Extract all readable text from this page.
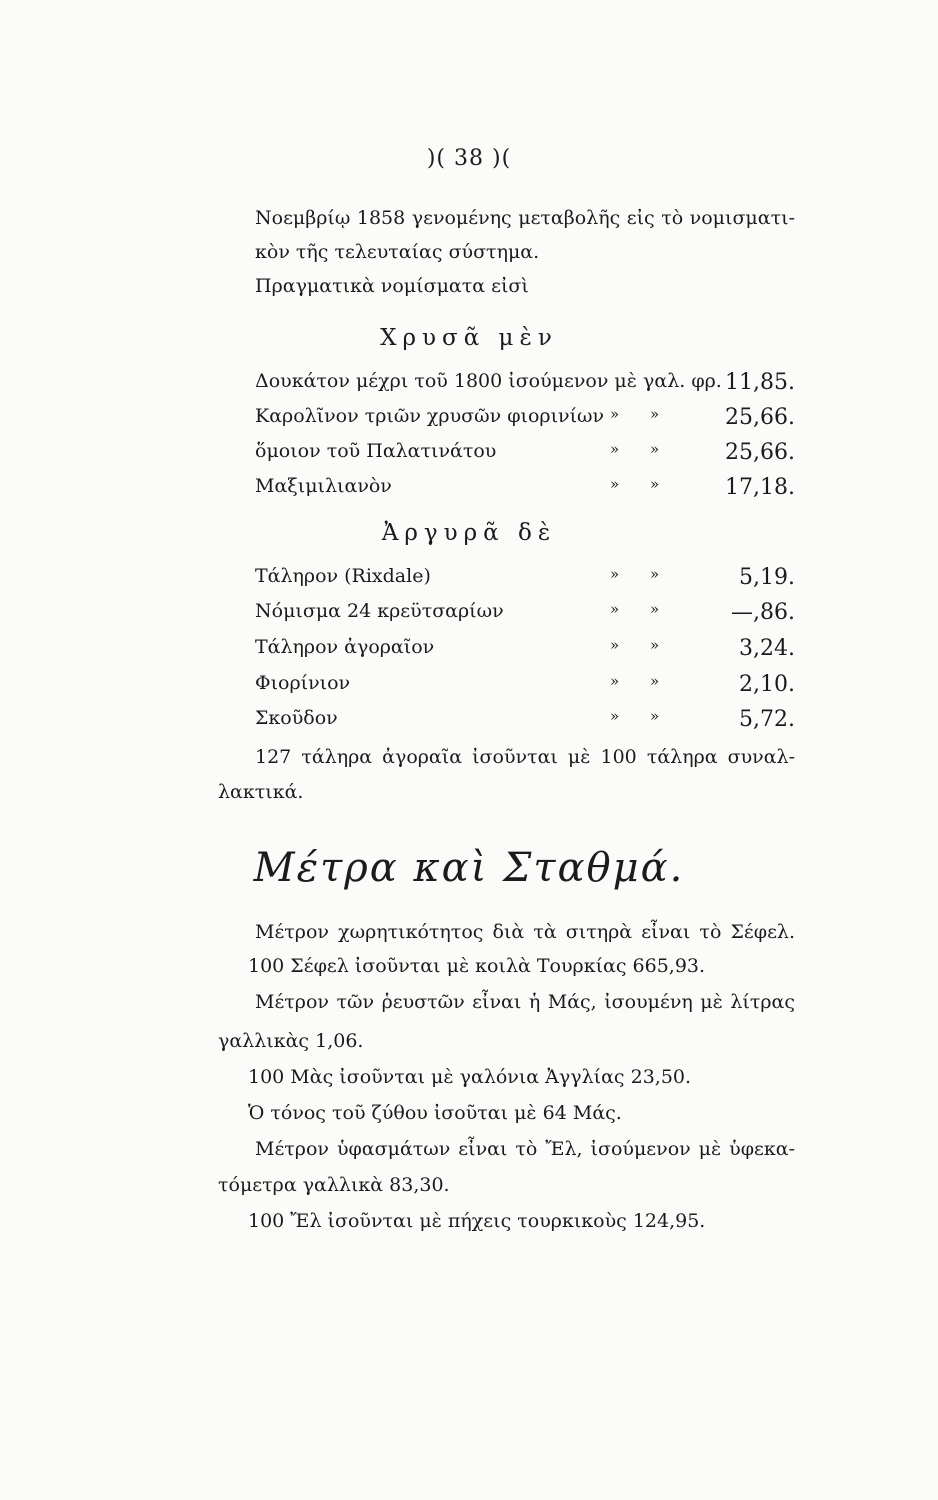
)( 38 )(
Νοεμβρίῳ 1858 γενομένης μεταβολῆς εἰς τὸ νομισματι-
κὸν τῆς τελευταίας σύστημα.
Πραγματικὰ νομίσματα εἰσὶ
Χρυσᾶ μὲν
Δουκάτον μέχρι τοῦ 1800 ἰσούμενον μὲ γαλ. φρ. 11,85.
Καρολῖνον τριῶν χρυσῶν φιορινίων » »	25,66.
ὅμοιον τοῦ Παλατινάτου	» »	25,66.
Μαξιμιλιανὸν	» »	17,18.
Ἀργυρᾶ δὲ
Τάληρον (Rixdale)	» »	5,19.
Νόμισμα 24 κρεϋτσαρίων	» »	—,86.
Τάληρον ἀγοραῖον	» »	3,24.
Φιορίνιον	» »	2,10.
Σκοῦδον	» »	5,72.
127 τάληρα ἀγοραῖα ἰσοῦνται μὲ 100 τάληρα συναλ-
λακτικά.
Μέτρα καὶ Σταθμά.
Μέτρον χωρητικότητος διὰ τὰ σιτηρὰ εἶναι τὸ Σέφελ.
100 Σέφελ ἰσοῦνται μὲ κοιλὰ Τουρκίας 665,93.
Μέτρον τῶν ῥευστῶν εἶναι ἡ Μάς, ἰσουμένη μὲ λίτρας
γαλλικὰς 1,06.
100 Μὰς ἰσοῦνται μὲ γαλόνια Ἀγγλίας 23,50.
Ὁ τόνος τοῦ ζύθου ἰσοῦται μὲ 64 Μάς.
Μέτρον ὑφασμάτων εἶναι τὸ Ἔλ, ἰσούμενον μὲ ὑφεκα-
τόμετρα γαλλικὰ 83,30.
100 Ἔλ ἰσοῦνται μὲ πήχεις τουρκικοὺς 124,95.
